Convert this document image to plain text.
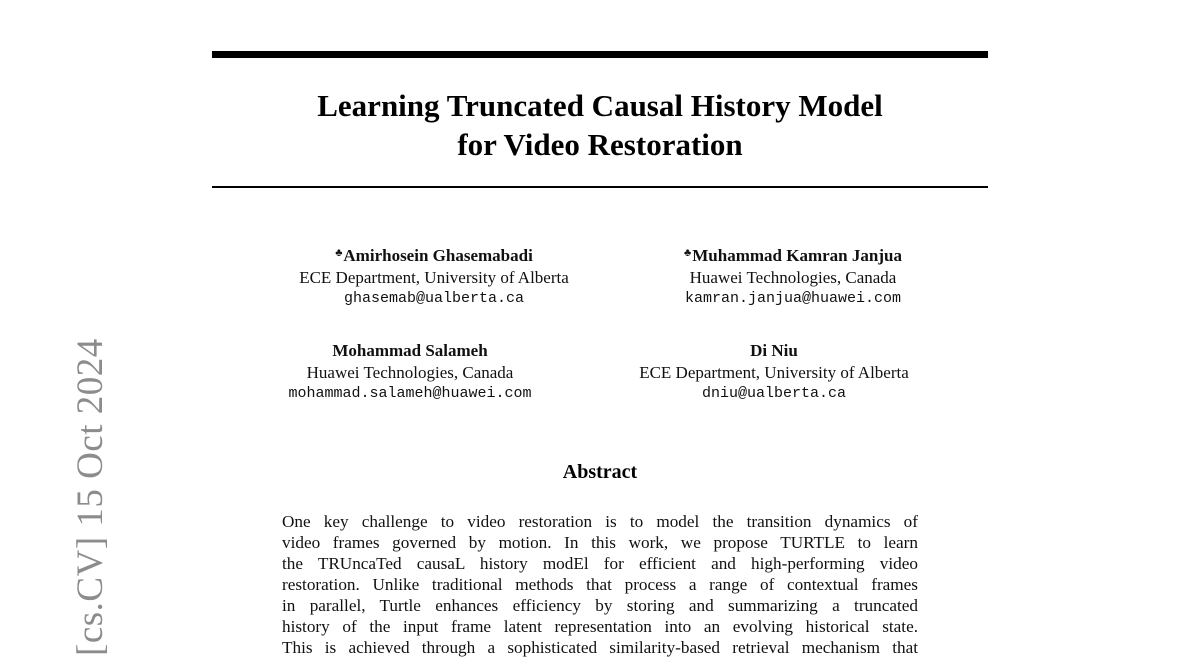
[cs.CV] 15 Oct 2024
Learning Truncated Causal History Model
for Video Restoration
♣Amirhosein Ghasemabadi
ECE Department, University of Alberta
ghasemab@ualberta.ca
♣Muhammad Kamran Janjua
Huawei Technologies, Canada
kamran.janjua@huawei.com
Mohammad Salameh
Huawei Technologies, Canada
mohammad.salameh@huawei.com
Di Niu
ECE Department, University of Alberta
dniu@ualberta.ca
Abstract
One key challenge to video restoration is to model the transition dynamics of
video frames governed by motion. In this work, we propose TURTLE to learn
the TRUncaTed causaL history modEl for efficient and high-performing video
restoration. Unlike traditional methods that process a range of contextual frames
in parallel, Turtle enhances efficiency by storing and summarizing a truncated
history of the input frame latent representation into an evolving historical state.
This is achieved through a sophisticated similarity-based retrieval mechanism that
